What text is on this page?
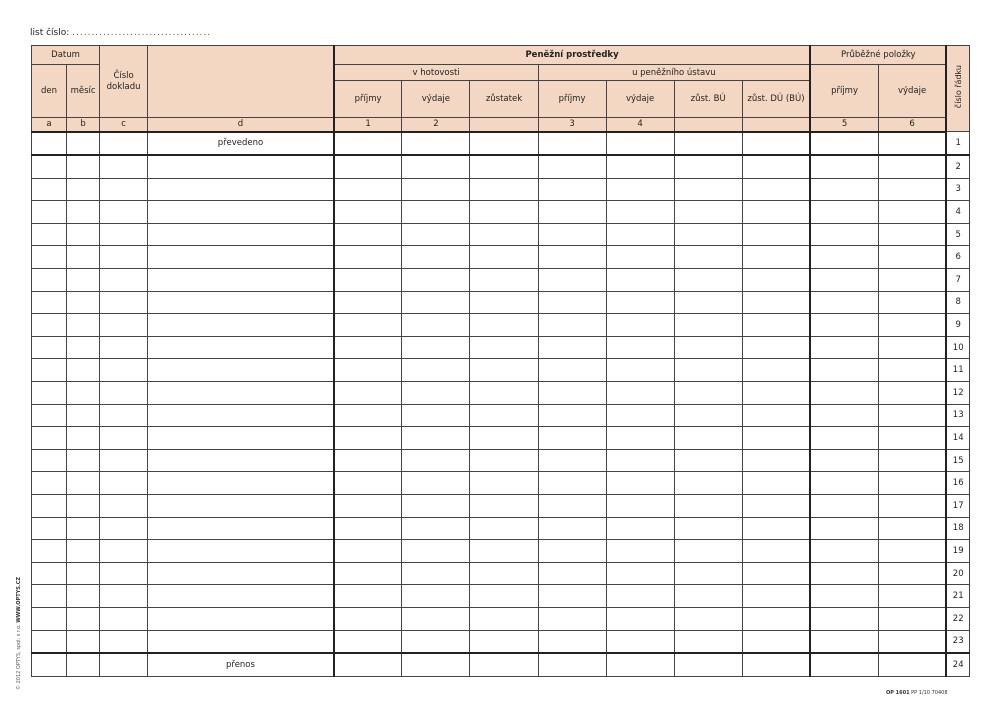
list číslo: ....................................
Datum		Číslo dokladu		Peněžní prostředky							Průběžné položky		číslo řádku
den	měsíc			v hotovosti			u peněžního ústavu				příjmy	výdaje	
				příjmy	výdaje	zůstatek	příjmy	výdaje	zůst. BÚ	zůst. DÚ (BÚ)			
a	b	c	d	1	2		3	4			5	6	
			převedeno										1
													2
													3
													4
													5
													6
													7
													8
													9
													10
													11
													12
													13
													14
													15
													16
													17
													18
													19
													20
													21
													22
													23
			přenos										24
© 2012 OPTYS, spol. s r.o. WWW.OPTYS.CZ
OP 1601 PP 1/10 70408
